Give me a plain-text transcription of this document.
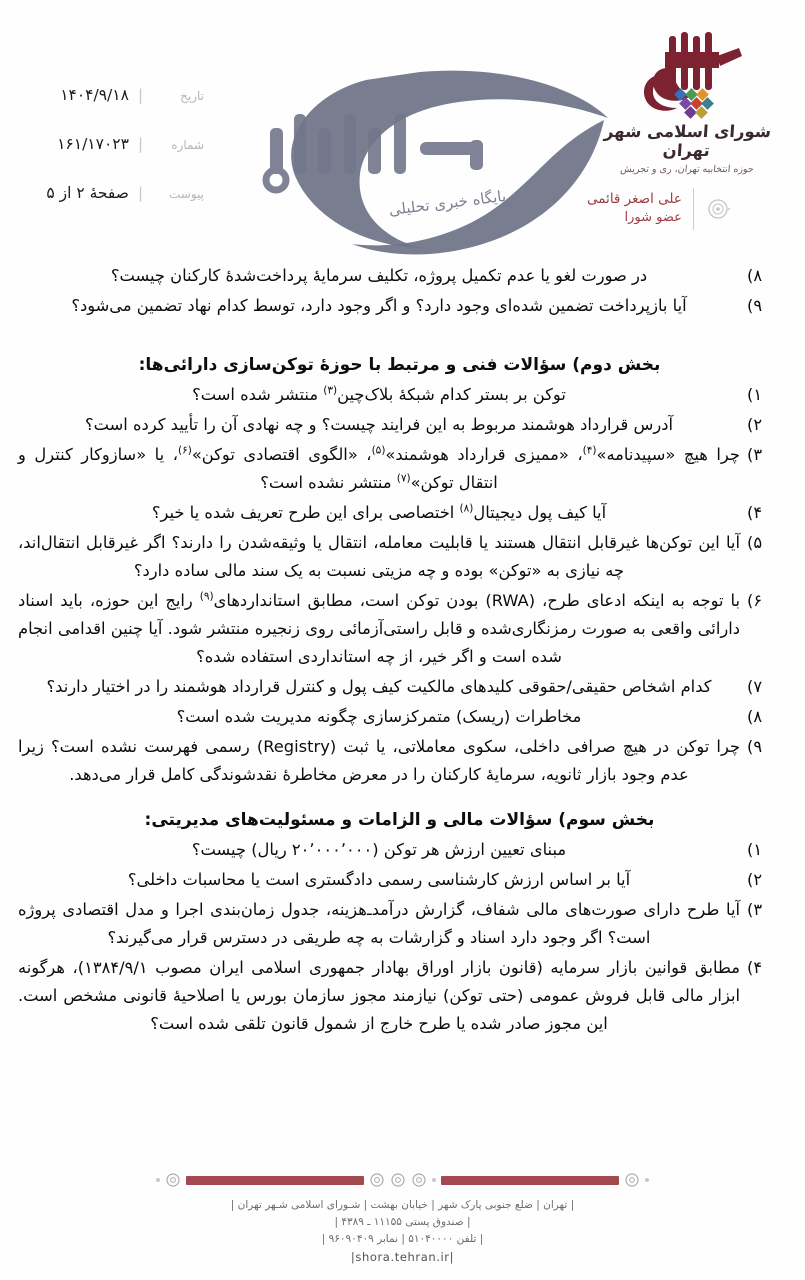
تاریخ
|
۱۴۰۴/۹/۱۸
شماره
|
۱۶۱/۱۷۰۲۳
پیوست
|
صفحهٔ ۲ از ۵	پایگاه خبری تحلیلی
شورای اسلامی شهر تهران
حوزه انتخابیه تهران، ری و تجریش
علی اصغر قائمی
عضو شورا
۸)
در صورت لغو یا عدم تکمیل پروژه، تکلیف سرمایهٔ پرداخت‌شدهٔ کارکنان چیست؟
۹)
آیا بازپرداخت تضمین شده‌ای وجود دارد؟ و اگر وجود دارد، توسط کدام نهاد تضمین می‌شود؟
بخش دوم) سؤالات فنی و مرتبط با حوزهٔ توکن‌سازی دارائی‌ها:
۱)
توکن بر بستر کدام شبکهٔ بلاک‌چین$^{(۳)}$ منتشر شده است؟
۲)
آدرس قرارداد هوشمند مربوط به این فرایند چیست؟ و چه نهادی آن را تأیید کرده است؟
۳)
چرا هیچ «سپیدنامه»$^{(۴)}$، «ممیزی قرارداد هوشمند»$^{(۵)}$، «الگوی اقتصادی توکن»$^{(۶)}$، یا «سازوکار کنترل و انتقال توکن»$^{(۷)}$ منتشر نشده است؟
۴)
آیا کیف پول دیجیتال$^{(۸)}$ اختصاصی برای این طرح تعریف شده یا خیر؟
۵)
آیا این توکن‌ها غیرقابل انتقال هستند یا قابلیت معامله، انتقال یا وثیقه‌شدن را دارند؟ اگر غیرقابل انتقال‌اند، چه نیازی به «توکن» بوده و چه مزیتی نسبت به یک سند مالی ساده دارد؟
۶)
با توجه به اینکه ادعای طرح، (RWA) بودن توکن است، مطابق استانداردهای$^{(۹)}$ رایج این حوزه، باید اسناد دارائی واقعی به صورت رمزنگاری‌شده و قابل راستی‌آزمائی روی زنجیره منتشر شود. آیا چنین اقدامی انجام شده است و اگر خیر، از چه استانداردی استفاده شده؟
۷)
کدام اشخاص حقیقی/حقوقی کلیدهای مالکیت کیف پول و کنترل قرارداد هوشمند را در اختیار دارند؟
۸)
مخاطرات (ریسک) متمرکزسازی چگونه مدیریت شده است؟
۹)
چرا توکن در هیچ صرافی داخلی، سکوی معاملاتی، یا ثبت (Registry) رسمی فهرست نشده است؟ زیرا عدم وجود بازار ثانویه، سرمایهٔ کارکنان را در معرض مخاطرهٔ نقدشوندگی کامل قرار می‌دهد.
بخش سوم) سؤالات مالی و الزامات و مسئولیت‌های مدیریتی:
۱)
مبنای تعیین ارزش هر توکن (۲۰٬۰۰۰٬۰۰۰ ریال) چیست؟
۲)
آیا بر اساس ارزش کارشناسی رسمی دادگستری است یا محاسبات داخلی؟
۳)
آیا طرح دارای صورت‌های مالی شفاف، گزارش درآمد‌ـ‌هزینه، جدول زمان‌بندی اجرا و مدل اقتصادی پروژه است؟ اگر وجود دارد اسناد و گزارشات به چه طریقی در دسترس قرار می‌گیرند؟
۴)
مطابق قوانین بازار سرمایه (قانون بازار اوراق بهادار جمهوری اسلامی ایران مصوب ۱۳۸۴/۹/۱)، هرگونه ابزار مالی قابل فروش عمومی (حتی توکن) نیازمند مجوز سازمان بورس یا اصلاحیهٔ قانونی مشخص است. این مجوز صادر شده یا طرح خارج از شمول قانون تلقی شده است؟
| تهران | ضلع جنوبی پارک شهر | خیابان بهشت | شـورای اسلامی شـهر تهران |
| صندوق پستی ۱۱۱۵۵ ـ ۴۳۸۹ |
| تلفن ۵۱۰۴۰۰۰۰ | نمابر ۹۶۰۹۰۴۰۹ |
|shora.tehran.ir|
